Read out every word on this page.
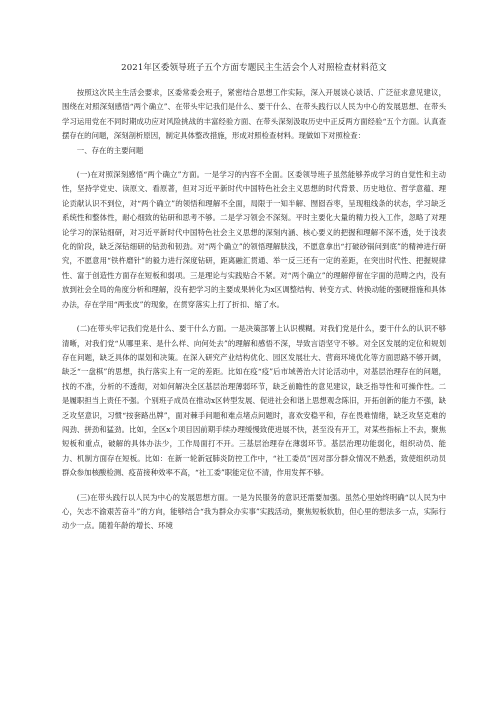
2021年区委领导班子五个方面专题民主生活会个人对照检查材料范文

按照这次民主生活会要求，区委常委会班子，紧密结合思想工作实际，深入开展谈心谈话、广泛征求意见建议，围绕在对照深刻感悟“两个确立”、在带头牢记我们是什么、要干什么、在带头践行以人民为中心的发展思想、在带头学习运用党在不同时期成功应对风险挑战的丰富经验方面、在带头深刻汲取历史中正反两方面经验“五个方面。认真查摆存在的问题，深刻剖析原因，制定具体整改措施，形成对照检查材料。现做如下对照检查：

一、存在的主要问题

(一)在对照深刻感悟“两个确立”方面。一是学习的内容不全面。区委领导班子虽然能够养成学习的自觉性和主动性，坚持学党史、读原文、看原著，但对习近平新时代中国特色社会主义思想的时代背景、历史地位、哲学意蕴、理论贡献认识不到位，对“两个确立”的领悟和理解不全面，局限于一知半解、囫囵吞枣，呈现粗线条的状态，学习缺乏系统性和整体性，耐心细致的钻研和思考不够。二是学习领会不深刻。平时主要化大量的精力投入工作，忽略了对理论学习的深钻细研，对习近平新时代中国特色社会主义思想的深刻内涵、核心要义的把握和理解不深不透，处于浅表化的阶段，缺乏深钻细研的钻劲和韧劲。对“两个确立”的领悟理解肤浅，不愿意拿出“打破砂锅问到底”的精神进行研究，不愿意用“铁杵磨针”的毅力进行深度钻研，距离融汇贯通、举一反三还有一定的差距，在突出时代性、把握规律性、富于创造性方面存在短板和弱项。三是理论与实践贴合不紧。对“两个确立”的理解停留在字面的范畴之内，没有放到社会全局的角度分析和理解，没有把学习的主要成果转化为x区调整结构、转变方式、转换动能的强硬措施和具体办法，存在学用“两张皮”的现象，在贯穿落实上打了折扣、缩了水。

(二)在带头牢记我们党是什么、要干什么方面。一是决策部署上认识模糊。对我们党是什么，要干什么的认识不够清晰，对我们党“从哪里来、是什么样、向何处去”的理解和感悟不深，导致言语坚守不够。对全区发展的定位和规划存在问题，缺乏具体的谋划和决策。在深入研究产业结构优化、园区发展壮大、营商环境优化等方面思路不够开阔，缺乏“一盘棋”的思想，执行落实上有一定的差距。比如在疫“疫”后市域善治大讨论活动中，对基层治理存在的问题，找的不准，分析的不透彻，对如何解决全区基层治理薄弱环节，缺乏前瞻性的意见建议，缺乏指导性和可操作性。二是履职担当上责任不强。个别班子成员在推动x区转型发展、促进社会和谐上思想观念陈旧，开拓创新的能力不强，缺乏攻坚意识，习惯“按套路出牌”，面对棘手问题和难点堵点问题时，喜欢安稳平和，存在畏难情绪，缺乏攻坚克难的闯劲、拼劲和猛劲。比如，全区x个项目因前期手续办理缓慢致使进展不快，甚至没有开工，对某些指标上不去，聚焦短板和重点，破解的具体办法少，工作局面打不开。三基层治理存在薄弱环节。基层治理功能弱化，组织动员、能力、机制方面存在短板。比如：在新一轮新冠肺炎防控工作中，“社工委员”因对部分群众情况不熟悉，致使组织动员群众参加核酸检测、疫苗接种效率不高，“社工委”职能定位不清，作用发挥不够。

(三)在带头践行以人民为中心的发展思想方面。一是为民服务的意识还需要加强。虽然心里始终明确“以人民为中心，矢志不渝艰苦奋斗”的方向，能够结合“我为群众办实事”实践活动，聚焦短板软肋，但心里的想法多一点，实际行动少一点。随着年龄的增长、环境
